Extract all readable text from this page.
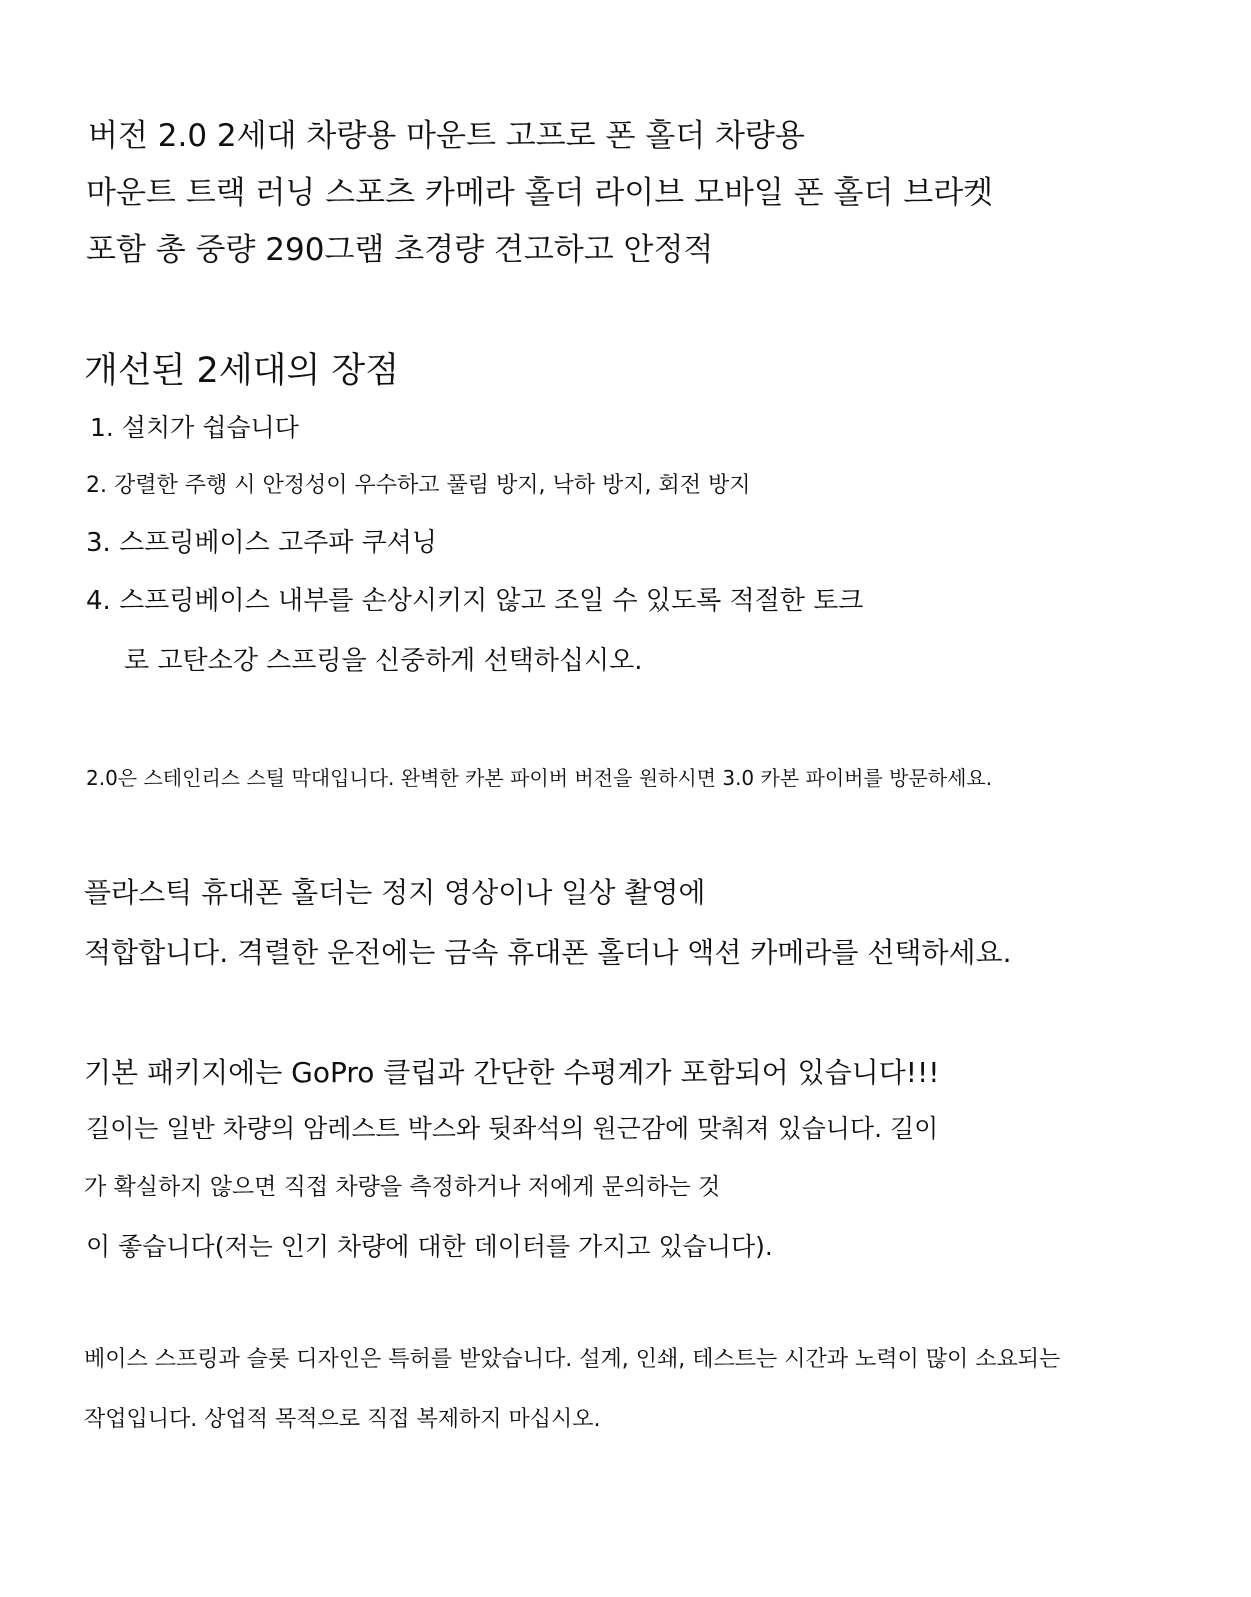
버전 2.0 2세대 차량용 마운트 고프로 폰 홀더 차량용
마운트 트랙 러닝 스포츠 카메라 홀더 라이브 모바일 폰 홀더 브라켓
포함 총 중량 290그램 초경량 견고하고 안정적
개선된 2세대의 장점
1. 설치가 쉽습니다
2. 강렬한 주행 시 안정성이 우수하고 풀림 방지, 낙하 방지, 회전 방지
3. 스프링베이스 고주파 쿠셔닝
4. 스프링베이스 내부를 손상시키지 않고 조일 수 있도록 적절한 토크
로 고탄소강 스프링을 신중하게 선택하십시오.
2.0은 스테인리스 스틸 막대입니다. 완벽한 카본 파이버 버전을 원하시면 3.0 카본 파이버를 방문하세요.
플라스틱 휴대폰 홀더는 정지 영상이나 일상 촬영에
적합합니다. 격렬한 운전에는 금속 휴대폰 홀더나 액션 카메라를 선택하세요.
기본 패키지에는 GoPro 클립과 간단한 수평계가 포함되어 있습니다!!!
길이는 일반 차량의 암레스트 박스와 뒷좌석의 원근감에 맞춰져 있습니다. 길이
가 확실하지 않으면 직접 차량을 측정하거나 저에게 문의하는 것
이 좋습니다(저는 인기 차량에 대한 데이터를 가지고 있습니다).
베이스 스프링과 슬롯 디자인은 특허를 받았습니다. 설계, 인쇄, 테스트는 시간과 노력이 많이 소요되는
작업입니다. 상업적 목적으로 직접 복제하지 마십시오.
